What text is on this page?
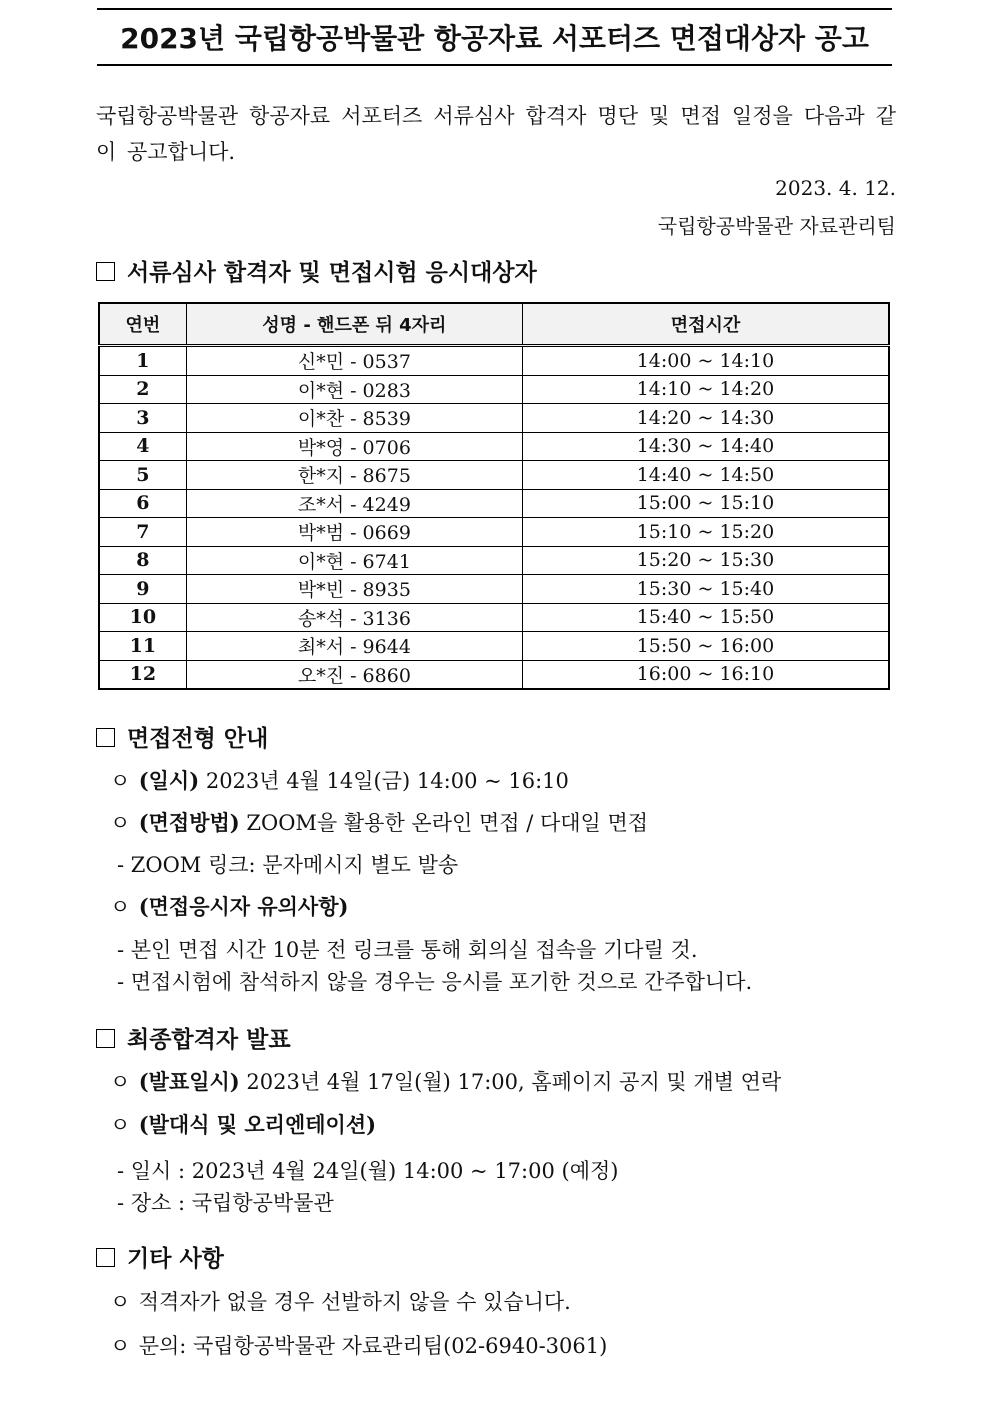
2023년 국립항공박물관 항공자료 서포터즈 면접대상자 공고
국립항공박물관 항공자료 서포터즈 서류심사 합격자 명단 및 면접 일정을 다음과 같이 공고합니다.
2023. 4. 12.
국립항공박물관 자료관리팀
서류심사 합격자 및 면접시험 응시대상자
연번	성명 - 핸드폰 뒤 4자리	면접시간
1	신*민 - 0537	14:00 ~ 14:10
2	이*현 - 0283	14:10 ~ 14:20
3	이*찬 - 8539	14:20 ~ 14:30
4	박*영 - 0706	14:30 ~ 14:40
5	한*지 - 8675	14:40 ~ 14:50
6	조*서 - 4249	15:00 ~ 15:10
7	박*범 - 0669	15:10 ~ 15:20
8	이*현 - 6741	15:20 ~ 15:30
9	박*빈 - 8935	15:30 ~ 15:40
10	송*석 - 3136	15:40 ~ 15:50
11	최*서 - 9644	15:50 ~ 16:00
12	오*진 - 6860	16:00 ~ 16:10
면접전형 안내
ㅇ (일시) 2023년 4월 14일(금) 14:00 ~ 16:10
ㅇ (면접방법) ZOOM을 활용한 온라인 면접 / 다대일 면접
- ZOOM 링크: 문자메시지 별도 발송
ㅇ (면접응시자 유의사항)
- 본인 면접 시간 10분 전 링크를 통해 회의실 접속을 기다릴 것.
- 면접시험에 참석하지 않을 경우는 응시를 포기한 것으로 간주합니다.
최종합격자 발표
ㅇ (발표일시) 2023년 4월 17일(월) 17:00, 홈페이지 공지 및 개별 연락
ㅇ (발대식 및 오리엔테이션)
- 일시 : 2023년 4월 24일(월) 14:00 ~ 17:00 (예정)
- 장소 : 국립항공박물관
기타 사항
ㅇ 적격자가 없을 경우 선발하지 않을 수 있습니다.
ㅇ 문의: 국립항공박물관 자료관리팀(02-6940-3061)
